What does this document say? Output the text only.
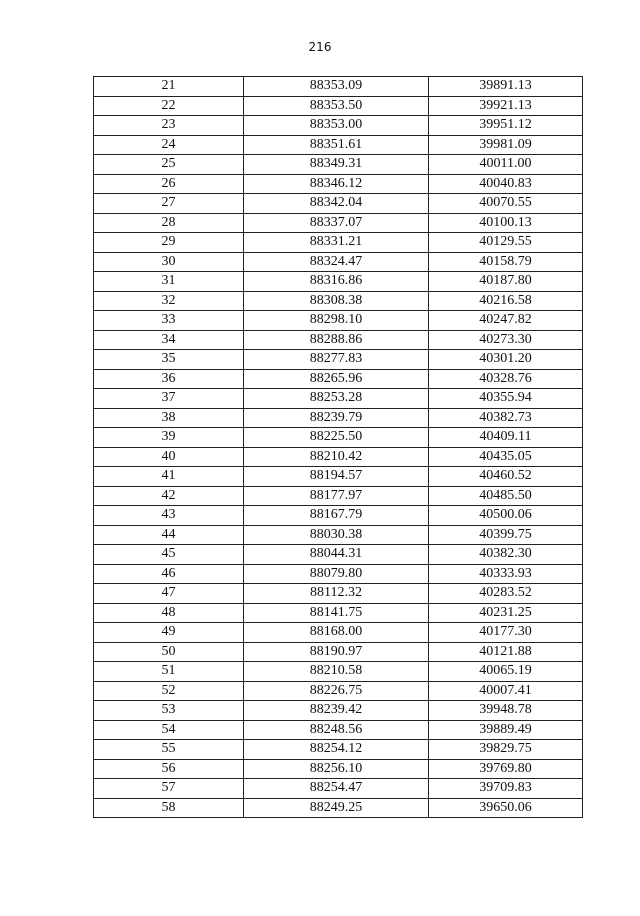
216
21	88353.09	39891.13
22	88353.50	39921.13
23	88353.00	39951.12
24	88351.61	39981.09
25	88349.31	40011.00
26	88346.12	40040.83
27	88342.04	40070.55
28	88337.07	40100.13
29	88331.21	40129.55
30	88324.47	40158.79
31	88316.86	40187.80
32	88308.38	40216.58
33	88298.10	40247.82
34	88288.86	40273.30
35	88277.83	40301.20
36	88265.96	40328.76
37	88253.28	40355.94
38	88239.79	40382.73
39	88225.50	40409.11
40	88210.42	40435.05
41	88194.57	40460.52
42	88177.97	40485.50
43	88167.79	40500.06
44	88030.38	40399.75
45	88044.31	40382.30
46	88079.80	40333.93
47	88112.32	40283.52
48	88141.75	40231.25
49	88168.00	40177.30
50	88190.97	40121.88
51	88210.58	40065.19
52	88226.75	40007.41
53	88239.42	39948.78
54	88248.56	39889.49
55	88254.12	39829.75
56	88256.10	39769.80
57	88254.47	39709.83
58	88249.25	39650.06
